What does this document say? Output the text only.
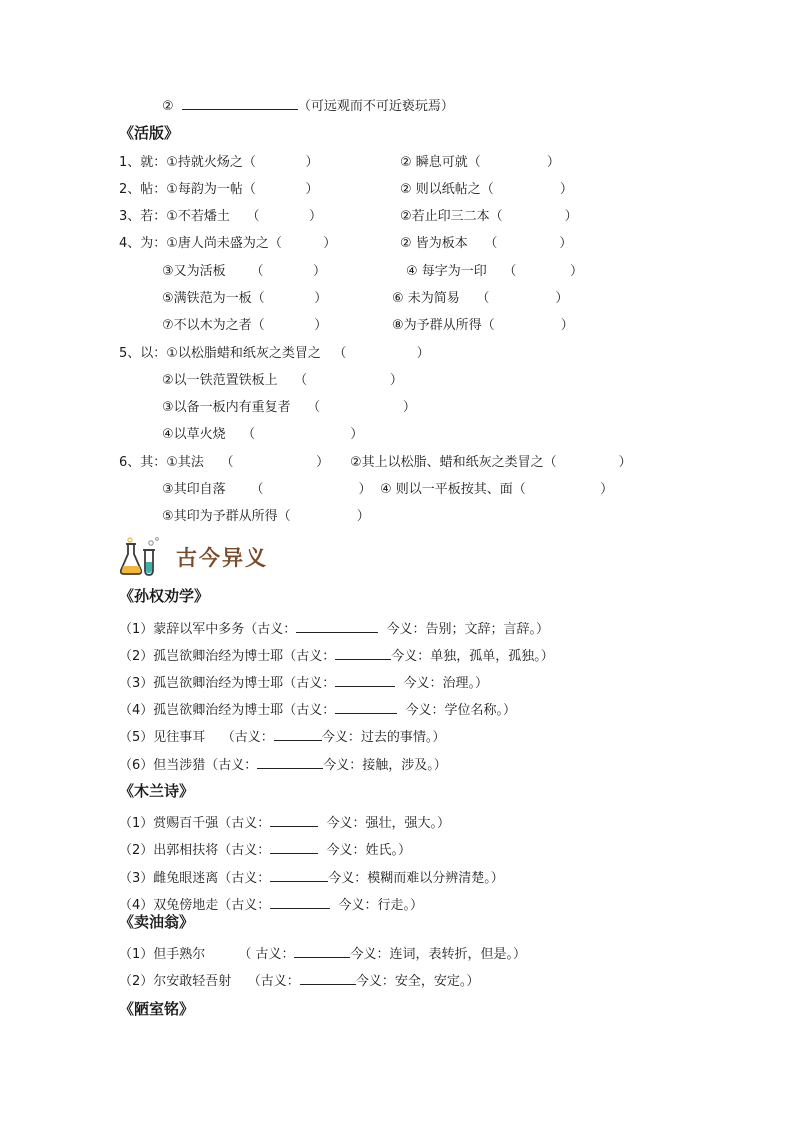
②	（可远观而不可近亵玩焉）
《活版》
1、就：①持就火炀之（            ）	② 瞬息可就（                ）
2、帖：①每韵为一帖（            ）	② 则以纸帖之（                ）
3、若：①不若燔土    （            ）	②若止印三二本（               ）
4、为：①唐人尚未盛为之（          ）	② 皆为板本    （               ）
③又为活板      （            ）	④ 每字为一印    （             ）
⑤满铁范为一板（            ）	⑥ 未为简易    （                ）
⑦不以木为之者（            ）	⑧为予群从所得（                ）
5、以：①以松脂蜡和纸灰之类冒之   （                 ）
②以一铁范置铁板上    （                    ）
③以备一板内有重复者    （                    ）
④以草火烧    （                       ）
6、其：①其法    （                    ） ②其上以松脂、蜡和纸灰之类冒之（               ）
③其印自落      （                       ） ④ 则以一平板按其、面（                  ）
⑤其印为予群从所得（                ）
古今异义
《孙权劝学》
（1）蒙辞以军中多务（古义：	今义：告别；文辞；言辞。）
（2）孤岂欲卿治经为博士耶（古义：	今义：单独，孤单，孤独。）
（3）孤岂欲卿治经为博士耶（古义：	今义：治理。）
（4）孤岂欲卿治经为博士耶（古义：	今义：学位名称。）
（5）见往事耳    （古义：	今义：过去的事情。）
（6）但当涉猎（古义：	今义：接触，涉及。）
《木兰诗》
（1）赏赐百千强（古义：	今义：强壮，强大。）
（2）出郭相扶将（古义：	今义：姓氏。）
（3）雌兔眼迷离（古义：	今义：模糊而难以分辨清楚。）
（4）双兔傍地走（古义：	今义：行走。）
《卖油翁》
（1）但手熟尔        （ 古义：	今义：连词，表转折，但是。）
（2）尔安敢轻吾射    （古义：	今义：安全，安定。）
《陋室铭》
